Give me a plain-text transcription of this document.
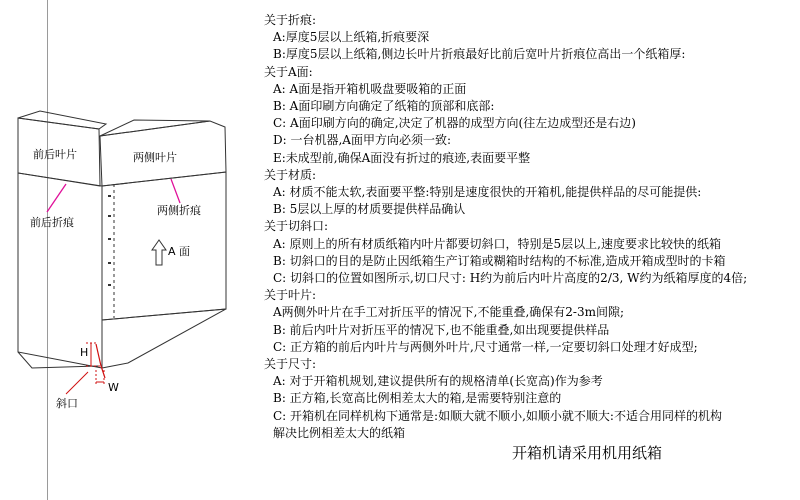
前后叶片	两侧叶片
前后折痕
两侧折痕
A 面
H
W
斜口
关于折痕:
A:厚度5层以上纸箱,折痕要深
B:厚度5层以上纸箱,侧边长叶片折痕最好比前后宽叶片折痕位高出一个纸箱厚:
关于A面:
A: A面是指开箱机吸盘要吸箱的正面
B: A面印刷方向确定了纸箱的顶部和底部:
C: A面印刷方向的确定,决定了机器的成型方向(往左边成型还是右边)
D: 一台机器,A面甲方向必须一致:
E:未成型前,确保A面没有折过的痕迹,表面要平整
关于材质:
A: 材质不能太软,表面要平整:特别是速度很快的开箱机,能提供样品的尽可能提供:
B: 5层以上厚的材质要提供样品确认
关于切斜口:
A: 原则上的所有材质纸箱内叶片都要切斜口，特别是5层以上,速度要求比较快的纸箱
B: 切斜口的目的是防止因纸箱生产订箱或糊箱时结构的不标准,造成开箱成型时的卡箱
C: 切斜口的位置如图所示,切口尺寸: H约为前后内叶片高度的2/3, W约为纸箱厚度的4倍;
关于叶片:
A两侧外叶片在手工对折压平的情况下,不能重叠,确保有2-3m间隙;
B: 前后内叶片对折压平的情况下,也不能重叠,如出现要提供样品
C: 正方箱的前后内叶片与两侧外叶片,尺寸通常一样,一定要切斜口处理才好成型;
关于尺寸:
A: 对于开箱机规划,建议提供所有的规格清单(长宽高)作为参考
B: 正方箱,长宽高比例相差太大的箱,是需要特别注意的
C: 开箱机在同样机构下通常是:如顺大就不顺小,如顺小就不顺大:不适合用同样的机构
解决比例相差太大的纸箱
开箱机请采用机用纸箱
